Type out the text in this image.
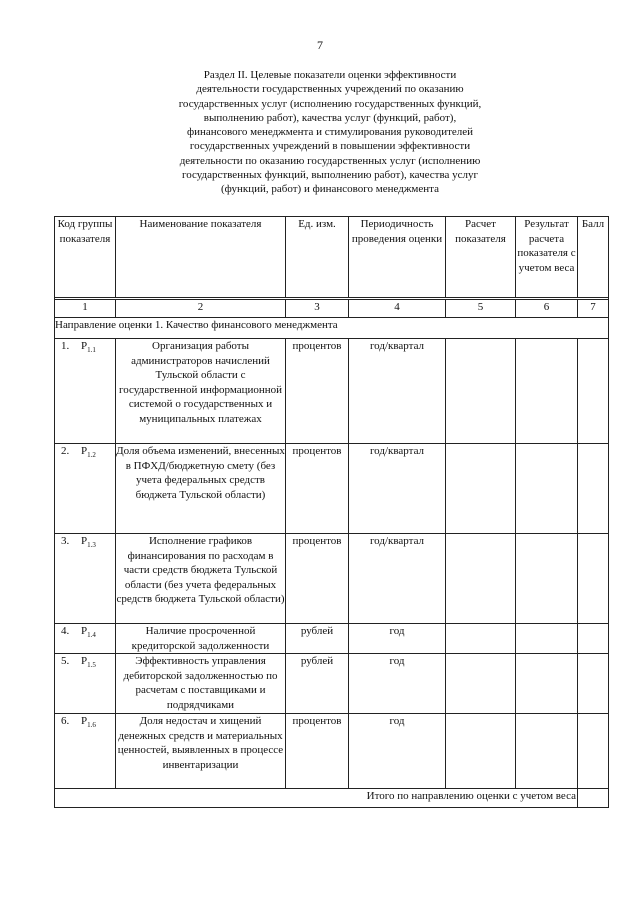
7
Раздел II. Целевые показатели оценки эффективности
деятельности государственных учреждений по оказанию
государственных услуг (исполнению государственных функций,
выполнению работ), качества услуг (функций, работ),
финансового менеджмента и стимулирования руководителей
государственных учреждений в повышении эффективности
деятельности по оказанию государственных услуг (исполнению
государственных функций, выполнению работ), качества услуг
(функций, работ) и финансового менеджмента
Код группы показателя	Наименование показателя	Ед. изм.	Периодичность проведения оценки	Расчет показателя	Результат расчета показателя с учетом веса	Балл

1	2	3	4	5	6	7
Направление оценки 1. Качество финансового менеджмента						
1. $Р_{1.1}$	Организация работы администраторов начислений Тульской области с государственной информационной системой о государственных и муниципальных платежах	процентов	год/квартал			
2. $Р_{1.2}$	Доля объема изменений, внесенных в ПФХД/бюджетную смету (без учета федеральных средств бюджета Тульской области)	процентов	год/квартал			
3. $Р_{1.3}$	Исполнение графиков финансирования по расходам в части средств бюджета Тульской области (без учета федеральных средств бюджета Тульской области)	процентов	год/квартал			
4. $Р_{1.4}$	Наличие просроченной кредиторской задолженности	рублей	год			
5. $Р_{1.5}$	Эффективность управления дебиторской задолженностью по расчетам с поставщиками и подрядчиками	рублей	год			
6. $Р_{1.6}$	Доля недостач и хищений денежных средств и материальных ценностей, выявленных в процессе инвентаризации	процентов	год			
Итого по направлению оценки с учетом веса						
